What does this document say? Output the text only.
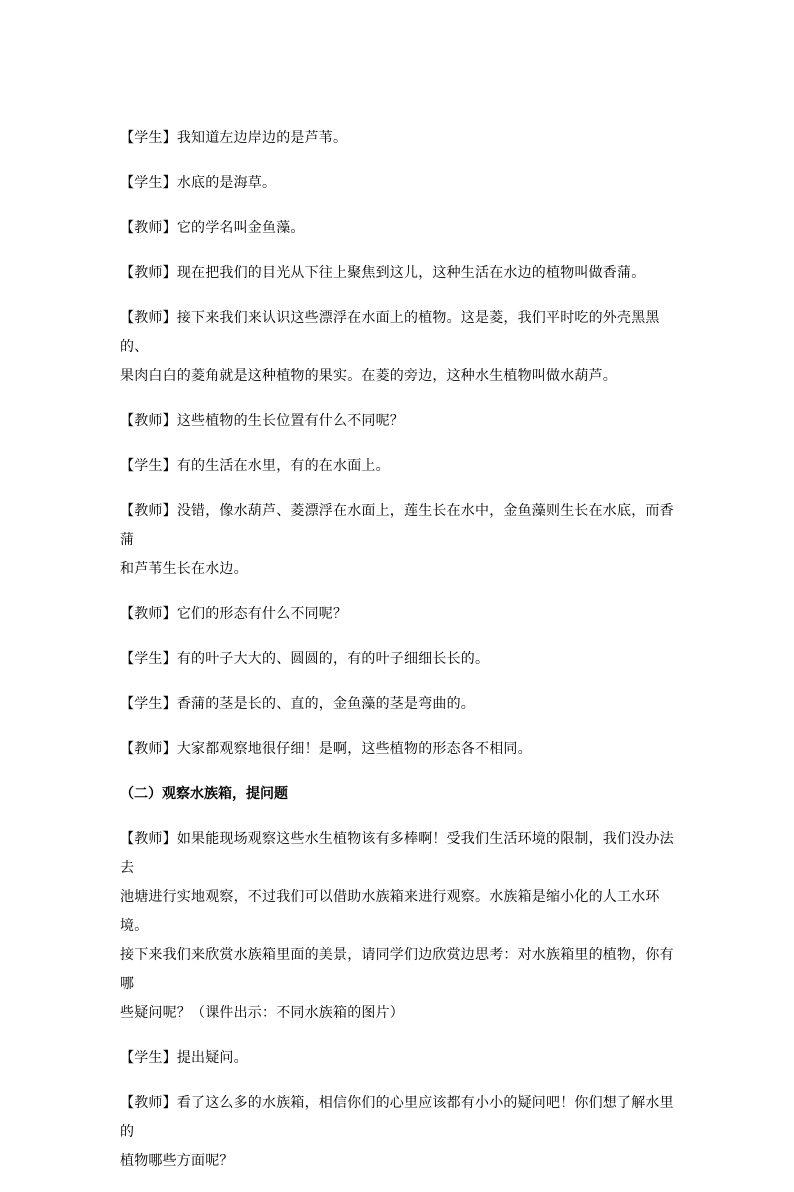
【学生】我知道左边岸边的是芦苇。
【学生】水底的是海草。
【教师】它的学名叫金鱼藻。
【教师】现在把我们的目光从下往上聚焦到这儿，这种生活在水边的植物叫做香蒲。
【教师】接下来我们来认识这些漂浮在水面上的植物。这是菱，我们平时吃的外壳黑黑的、
果肉白白的菱角就是这种植物的果实。在菱的旁边，这种水生植物叫做水葫芦。
【教师】这些植物的生长位置有什么不同呢？
【学生】有的生活在水里，有的在水面上。
【教师】没错，像水葫芦、菱漂浮在水面上，莲生长在水中，金鱼藻则生长在水底，而香蒲
和芦苇生长在水边。
【教师】它们的形态有什么不同呢？
【学生】有的叶子大大的、圆圆的，有的叶子细细长长的。
【学生】香蒲的茎是长的、直的，金鱼藻的茎是弯曲的。
【教师】大家都观察地很仔细！是啊，这些植物的形态各不相同。
（二）观察水族箱，提问题
【教师】如果能现场观察这些水生植物该有多棒啊！受我们生活环境的限制，我们没办法去
池塘进行实地观察，不过我们可以借助水族箱来进行观察。水族箱是缩小化的人工水环境。
接下来我们来欣赏水族箱里面的美景，请同学们边欣赏边思考：对水族箱里的植物，你有哪
些疑问呢？（课件出示：不同水族箱的图片）
【学生】提出疑问。
【教师】看了这么多的水族箱，相信你们的心里应该都有小小的疑问吧！你们想了解水里的
植物哪些方面呢？
